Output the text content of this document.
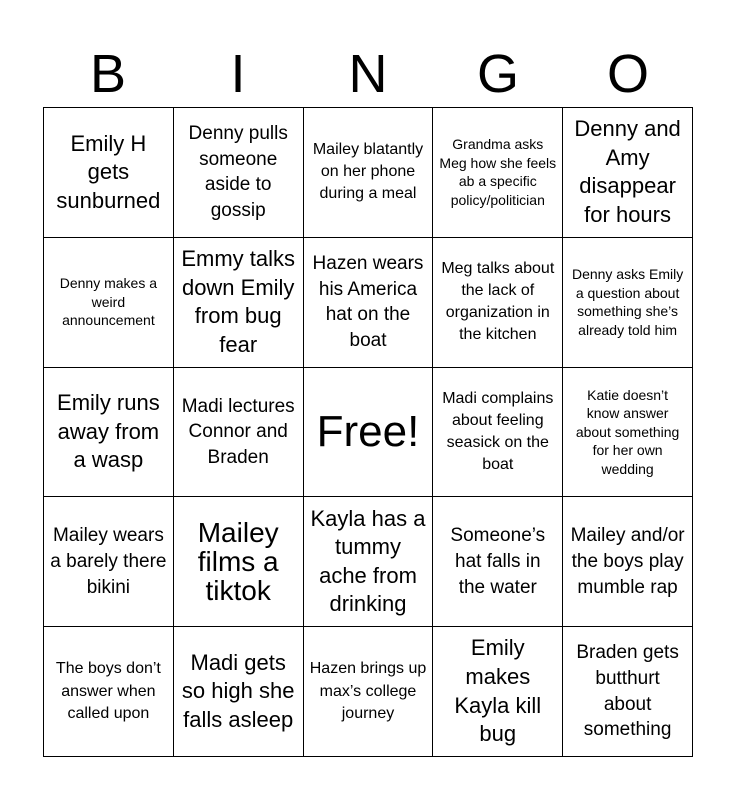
B	I	N	G	O
Emily H gets sunburned
Denny pulls someone aside to gossip
Mailey blatantly on her phone during a meal
Grandma asks Meg how she feels ab a specific policy/politician
Denny and Amy disappear for hours
Denny makes a weird announcement
Emmy talks down Emily from bug fear
Hazen wears his America hat on the boat
Meg talks about the lack of organization in the kitchen
Denny asks Emily a question about something she’s already told him
Emily runs away from a wasp
Madi lectures Connor and Braden
Free!
Madi complains about feeling seasick on the boat
Katie doesn’t know answer about something for her own wedding
Mailey wears a barely there bikini
Mailey films a tiktok
Kayla has a tummy ache from drinking
Someone’s hat falls in the water
Mailey and/or the boys play mumble rap
The boys don’t answer when called upon
Madi gets so high she falls asleep
Hazen brings up max’s college journey
Emily makes Kayla kill bug
Braden gets butthurt about something
